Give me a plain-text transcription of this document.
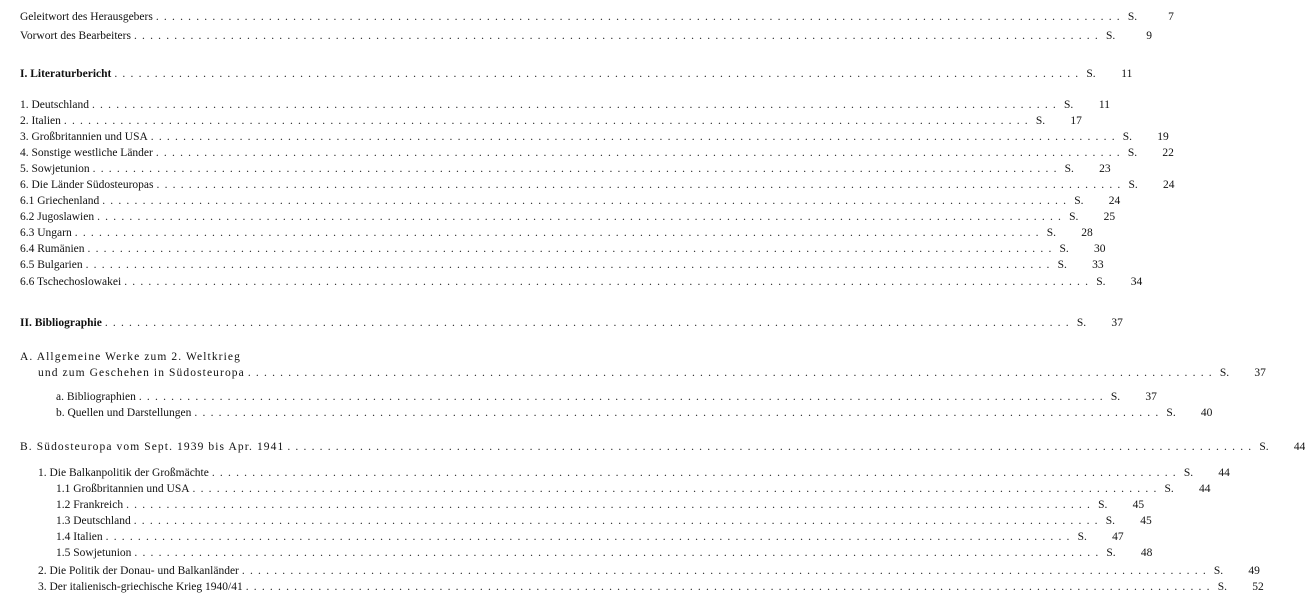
Geleitwort des Herausgebers ........................................................................................................................ S.	7
Vorwort des Bearbeiters ........................................................................................................................ S.	9
I. Literaturbericht ........................................................................................................................ S.	11
1. Deutschland ........................................................................................................................ S.	11
2. Italien ........................................................................................................................ S.	17
3. Großbritannien und USA ........................................................................................................................ S.	19
4. Sonstige westliche Länder ........................................................................................................................ S.	22
5. Sowjetunion ........................................................................................................................ S.	23
6. Die Länder Südosteuropas ........................................................................................................................ S.	24
6.1 Griechenland ........................................................................................................................ S.	24
6.2 Jugoslawien ........................................................................................................................ S.	25
6.3 Ungarn ........................................................................................................................ S.	28
6.4 Rumänien ........................................................................................................................ S.	30
6.5 Bulgarien ........................................................................................................................ S.	33
6.6 Tschechoslowakei ........................................................................................................................ S.	34
II. Bibliographie ........................................................................................................................ S.	37
A. Allgemeine Werke zum 2. Weltkrieg
und zum Geschehen in Südosteuropa ........................................................................................................................ S.	37
a. Bibliographien ........................................................................................................................ S.	37
b. Quellen und Darstellungen ........................................................................................................................ S.	40
B. Südosteuropa vom Sept. 1939 bis Apr. 1941 ........................................................................................................................ S.	44
1. Die Balkanpolitik der Großmächte ........................................................................................................................ S.	44
1.1 Großbritannien und USA ........................................................................................................................ S.	44
1.2 Frankreich ........................................................................................................................ S.	45
1.3 Deutschland ........................................................................................................................ S.	45
1.4 Italien ........................................................................................................................ S.	47
1.5 Sowjetunion ........................................................................................................................ S.	48
2. Die Politik der Donau- und Balkanländer ........................................................................................................................ S.	49
3. Der italienisch-griechische Krieg 1940/41 ........................................................................................................................ S.	52
